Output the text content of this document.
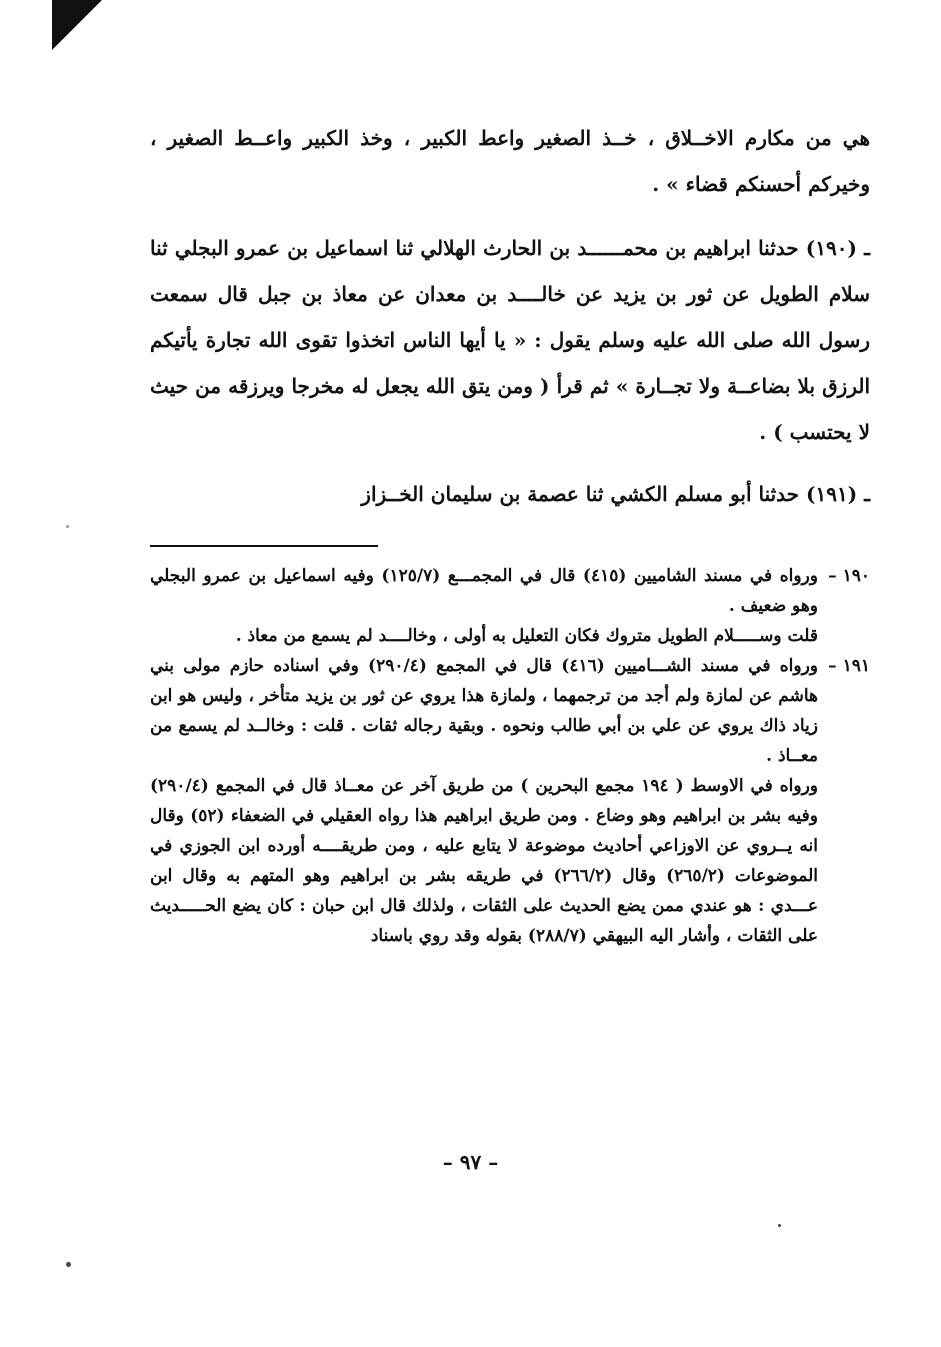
هي من مكارم الاخــلاق ، خــذ الصغير واعط الكبير ، وخذ الكبير واعــط الصغير ، وخيركم أحسنكم قضاء » .

ـ (١٩٠) حدثنا ابراهيم بن محمــــــد بن الحارث الهلالي ثنا اسماعيل بن عمرو البجلي ثنا سلام الطويل عن ثور بن يزيد عن خالــــد بن معدان عن معاذ بن جبل قال سمعت رسول الله صلى الله عليه وسلم يقول : « يا أيها الناس اتخذوا تقوى الله تجارة يأتيكم الرزق بلا بضاعــة ولا تجــارة » ثم قرأ ( ومن يتق الله يجعل له مخرجا ويرزقه من حيث لا يحتسب ) .

ـ (١٩١) حدثنا أبو مسلم الكشي ثنا عصمة بن سليمان الخــزاز

١٩٠ –

ورواه في مسند الشاميين (٤١٥) قال في المجمـــع (١٢٥/٧) وفيه اسماعيل بن عمرو البجلي وهو ضعيف .

قلت وســـــلام الطويل متروك فكان التعليل به أولى ، وخالــــد لم يسمع من معاذ .

١٩١ –

ورواه في مسند الشـــاميين (٤١٦) قال في المجمع (٢٩٠/٤) وفي اسناده حازم مولى بني هاشم عن لمازة ولم أجد من ترجمهما ، ولمازة هذا يروي عن ثور بن يزيد متأخر ، وليس هو ابن زياد ذاك يروي عن علي بن أبي طالب ونحوه . وبقية رجاله ثقات . قلت : وخالــد لم يسمع من معــاذ .

ورواه في الاوسط ( ١٩٤ مجمع البحرين ) من طريق آخر عن معــاذ قال في المجمع (٢٩٠/٤) وفيه بشر بن ابراهيم وهو وضاع . ومن طريق ابراهيم هذا رواه العقيلي في الضعفاء (٥٢) وقال انه يــروي عن الاوزاعي أحاديث موضوعة لا يتابع عليه ، ومن طريقــــه أورده ابن الجوزي في الموضوعات (٢٦٥/٢) وقال (٢٦٦/٢) في طريقه بشر بن ابراهيم وهو المتهم به وقال ابن عـــدي : هو عندي ممن يضع الحديث على الثقات ، ولذلك قال ابن حبان : كان يضع الحـــــديث على الثقات ، وأشار اليه البيهقي (٢٨٨/٧) بقوله وقد روي باسناد

– ٩٧ –
